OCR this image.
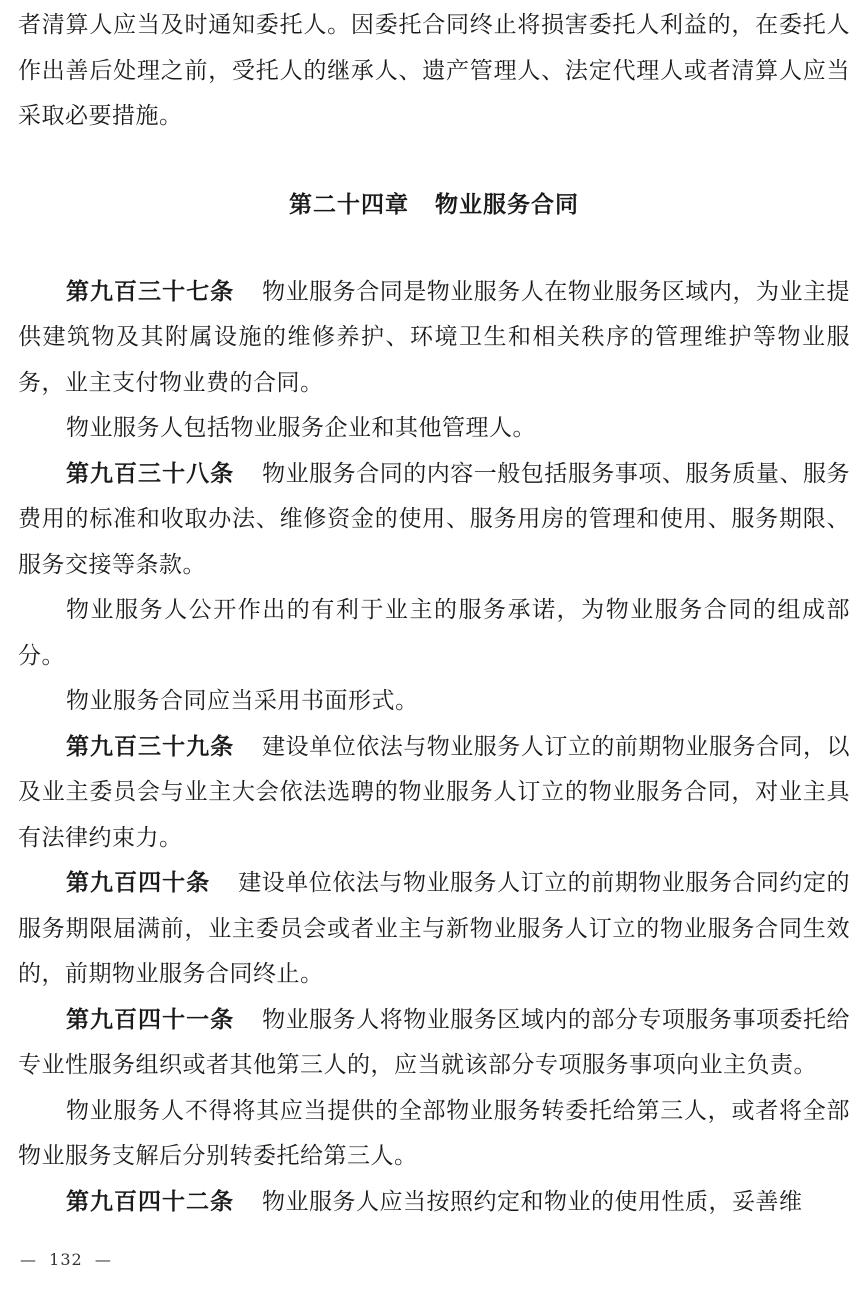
者清算人应当及时通知委托人。因委托合同终止将损害委托人利益的，在委托人作出善后处理之前，受托人的继承人、遗产管理人、法定代理人或者清算人应当采取必要措施。

第二十四章 物业服务合同

第九百三十七条 物业服务合同是物业服务人在物业服务区域内，为业主提供建筑物及其附属设施的维修养护、环境卫生和相关秩序的管理维护等物业服务，业主支付物业费的合同。

物业服务人包括物业服务企业和其他管理人。

第九百三十八条 物业服务合同的内容一般包括服务事项、服务质量、服务费用的标准和收取办法、维修资金的使用、服务用房的管理和使用、服务期限、服务交接等条款。

物业服务人公开作出的有利于业主的服务承诺，为物业服务合同的组成部分。

物业服务合同应当采用书面形式。

第九百三十九条 建设单位依法与物业服务人订立的前期物业服务合同，以及业主委员会与业主大会依法选聘的物业服务人订立的物业服务合同，对业主具有法律约束力。

第九百四十条 建设单位依法与物业服务人订立的前期物业服务合同约定的服务期限届满前，业主委员会或者业主与新物业服务人订立的物业服务合同生效的，前期物业服务合同终止。

第九百四十一条 物业服务人将物业服务区域内的部分专项服务事项委托给专业性服务组织或者其他第三人的，应当就该部分专项服务事项向业主负责。

物业服务人不得将其应当提供的全部物业服务转委托给第三人，或者将全部物业服务支解后分别转委托给第三人。

第九百四十二条 物业服务人应当按照约定和物业的使用性质，妥善维

— 132 —
